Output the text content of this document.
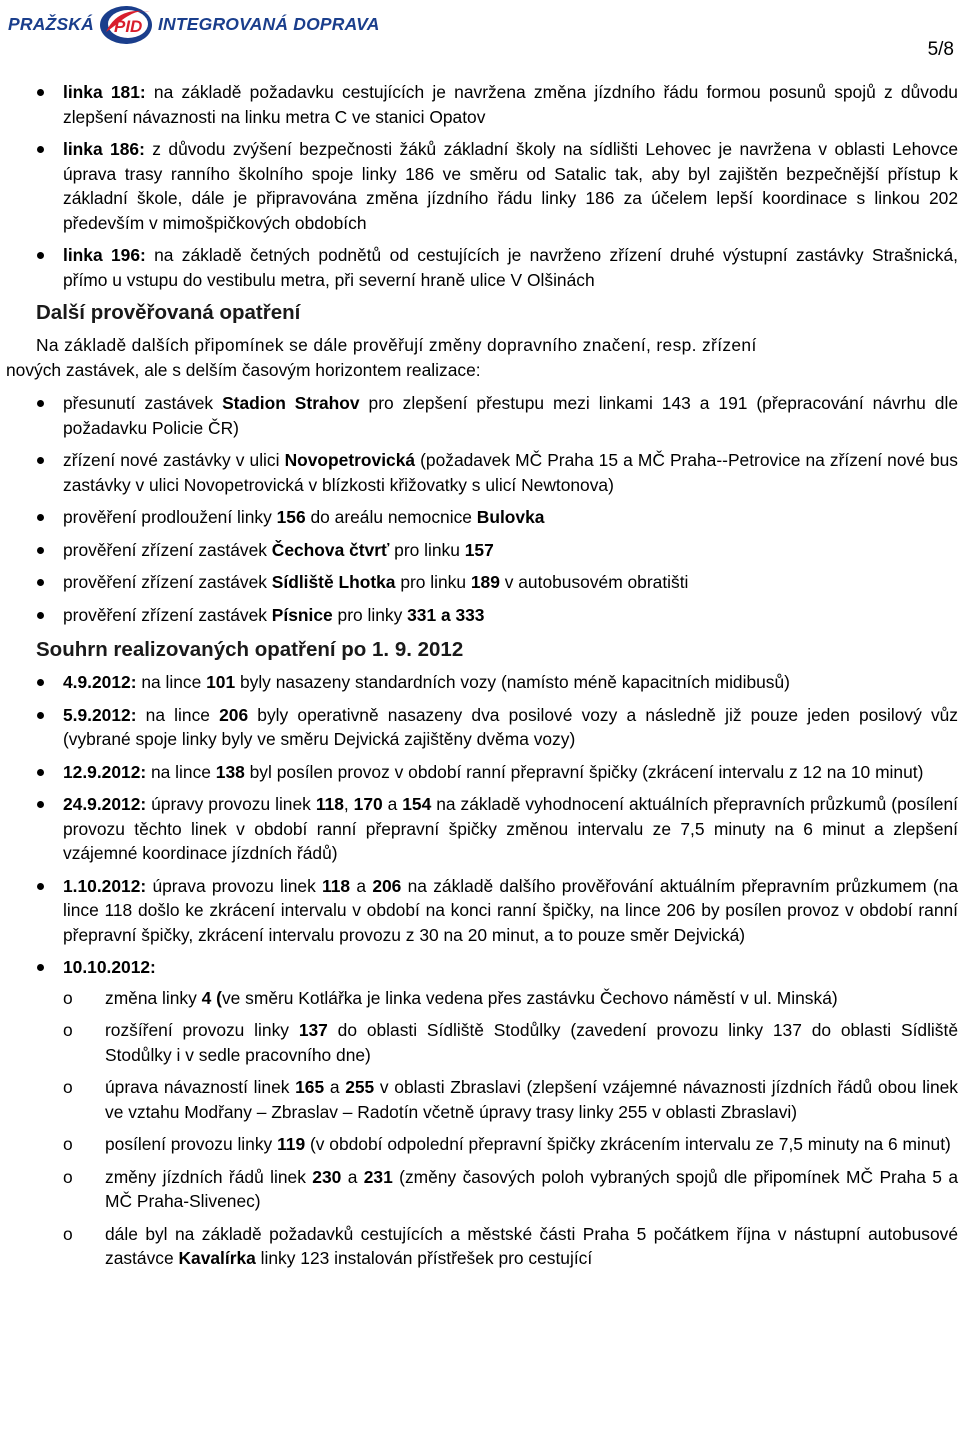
PRAŽSKÁ PID INTEGROVANÁ DOPRAVA
5/8
linka 181: na základě požadavku cestujících je navržena změna jízdního řádu formou posunů spojů z důvodu zlepšení návaznosti na linku metra C ve stanici Opatov
linka 186: z důvodu zvýšení bezpečnosti žáků základní školy na sídlišti Lehovec je navržena v oblasti Lehovce úprava trasy ranního školního spoje linky 186 ve směru od Satalic tak, aby byl zajištěn bezpečnější přístup k základní škole, dále je připravována změna jízdního řádu linky 186 za účelem lepší koordinace s linkou 202 především v mimošpičkových obdobích
linka 196: na základě četných podnětů od cestujících je navrženo zřízení druhé výstupní zastávky Strašnická, přímo u vstupu do vestibulu metra, při severní hraně ulice V Olšinách
Další prověřovaná opatření

Na základě dalších připomínek se dále prověřují změny dopravního značení, resp. zřízení
nových zastávek, ale s delším časovým horizontem realizace:

přesunutí zastávek Stadion Strahov pro zlepšení přestupu mezi linkami 143 a 191 (přepracování návrhu dle požadavku Policie ČR)
zřízení nové zastávky v ulici Novopetrovická (požadavek MČ Praha 15 a MČ Praha--Petrovice na zřízení nové bus zastávky v ulici Novopetrovická v blízkosti křižovatky s ulicí Newtonova)
prověření prodloužení linky 156 do areálu nemocnice Bulovka
prověření zřízení zastávek Čechova čtvrť pro linku 157
prověření zřízení zastávek Sídliště Lhotka pro linku 189 v autobusovém obratišti
prověření zřízení zastávek Písnice pro linky 331 a 333
Souhrn realizovaných opatření po 1. 9. 2012
4.9.2012: na lince 101 byly nasazeny standardních vozy (namísto méně kapacitních midibusů)
5.9.2012: na lince 206 byly operativně nasazeny dva posilové vozy a následně již pouze jeden posilový vůz (vybrané spoje linky byly ve směru Dejvická zajištěny dvěma vozy)
12.9.2012: na lince 138 byl posílen provoz v období ranní přepravní špičky (zkrácení intervalu z 12 na 10 minut)
24.9.2012: úpravy provozu linek 118, 170 a 154 na základě vyhodnocení aktuálních přepravních průzkumů (posílení provozu těchto linek v období ranní přepravní špičky změnou intervalu ze 7,5 minuty na 6 minut a zlepšení vzájemné koordinace jízdních řádů)
1.10.2012: úprava provozu linek 118 a 206 na základě dalšího prověřování aktuálním přepravním průzkumem (na lince 118 došlo ke zkrácení intervalu v období na konci ranní špičky, na lince 206 by posílen provoz v období ranní přepravní špičky, zkrácení intervalu provozu z 30 na 20 minut, a to pouze směr Dejvická)
10.10.2012:
o změna linky 4 (ve směru Kotlářka je linka vedena přes zastávku Čechovo náměstí v ul. Minská)
o rozšíření provozu linky 137 do oblasti Sídliště Stodůlky (zavedení provozu linky 137 do oblasti Sídliště Stodůlky i v sedle pracovního dne)
o úprava návazností linek 165 a 255 v oblasti Zbraslavi (zlepšení vzájemné návaznosti jízdních řádů obou linek ve vztahu Modřany – Zbraslav – Radotín včetně úpravy trasy linky 255 v oblasti Zbraslavi)
o posílení provozu linky 119 (v období odpolední přepravní špičky zkrácením intervalu ze 7,5 minuty na 6 minut)
o změny jízdních řádů linek 230 a 231 (změny časových poloh vybraných spojů dle připomínek MČ Praha 5 a MČ Praha-Slivenec)
o dále byl na základě požadavků cestujících a městské části Praha 5 počátkem října v nástupní autobusové zastávce Kavalírka linky 123 instalován přístřešek pro cestující
